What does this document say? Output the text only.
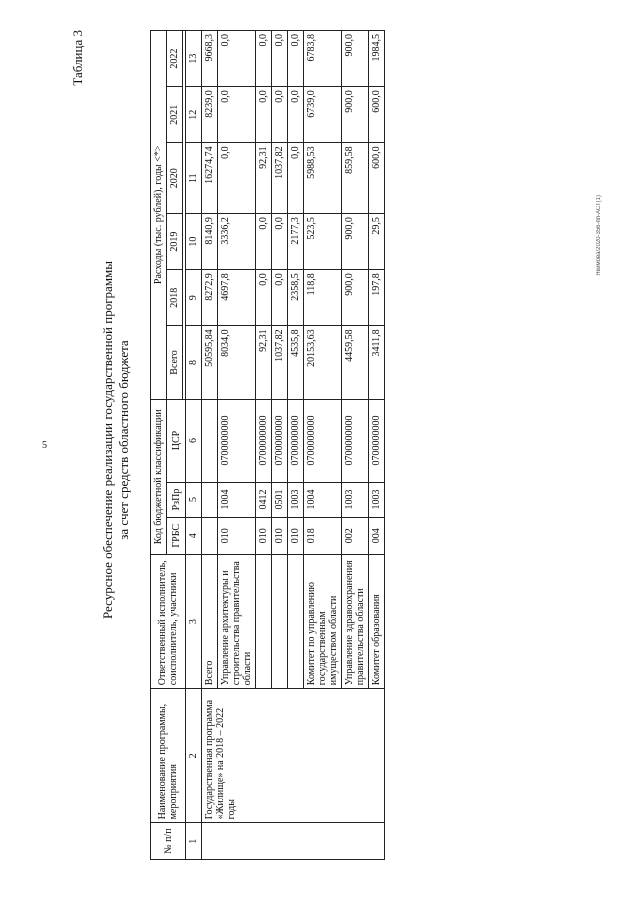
5
Якимова/2020-356-пп-АСТ(1)
Таблица 3
Ресурсное обеспечение реализации государственной программы за счет средств областного бюджета
№ п/п	Наименование программы, мероприятия	Ответственный исполнитель, соисполнитель, участники	Код бюджетной классификации			Расходы (тыс. рублей), годы <*>					
			ГРБС	РзПр	ЦСР	Всего	2018	2019	2020	2021	2022

1	2	3	4	5	6	8	9	10	11	12	13
	Государственная программа «Жилище» на 2018 – 2022 годы	Всего				50595,84	8272,9	8140,9	16274,74	8239,0	9668,3
		Управление архитектуры и строительства правительства области	010	1004	0700000000	8034,0	4697,8	3336,2	0,0	0,0	0,0
			010	0412	0700000000	92,31	0,0	0,0	92,31	0,0	0,0
			010	0501	0700000000	1037,82	0,0	0,0	1037,82	0,0	0,0
			010	1003	0700000000	4535,8	2358,5	2177,3	0,0	0,0	0,0
		Комитет по управлению государственным имуществом области	018	1004	0700000000	20153,63	118,8	523,5	5988,53	6739,0	6783,8
		Управление здравоохранения правительства области	002	1003	0700000000	4459,58	900,0	900,0	859,58	900,0	900,0
		Комитет образования	004	1003	0700000000	3411,8	197,8	29,5	600,0	600,0	1984,5
